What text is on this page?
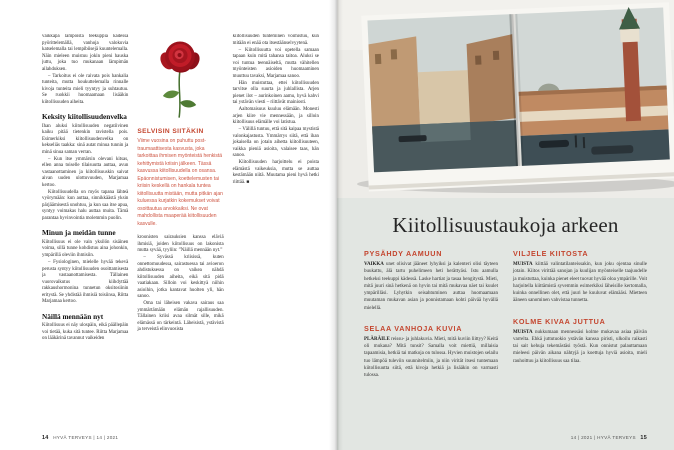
vaikkapa lämpöistä teekuppia kädessä pyörittelemällä, vanhoja valokuvia katselemalla tai lempibiisejä kuuntelemalla. Näin mieleen muistuu jokin pieni hauska juttu, joka tuo mukanaan lämpimän ailahduksen.

– Tarkoitus ei ole raivata pois hankalia tunteita, mutta houkuttelemalla rinnalle kivoja tunteita mieli tyyntyy ja suhtautuu. Se ruokkii huomaamaan lisääkin kiitollisuuden aiheita.

Keksity kiitollisuudenvelka

Ihan aluksi kiitollisuuden negatiivinen kaiku pitää tietenkin ravistella pois. Esimerkiksi kiitollisuudenvelka on kekseliäs taakka: sinä autat minua tunnin ja minä sinua saman verran.

– Kun itse ymmärsin olevani kitsas, ellen anna toiselle tilaisuutta auttaa, avun vastaanottaminen ja kiitollisuuskin saivat aivan uuden ulottuvuuden, Marjamaa kertoo.

Kiitollisuudella on myös tapana lähteä vyörymään: kun auttaa, sinnikkäästä yksin pärjäämisestä unohtuu, ja kun saa itse apua, syntyy voimakas halu auttaa muita. Tämä parantaa hyvinvointia molemmin puolin.

Minun ja meidän tunne

Kiitollisuus ei ole vain yksilön sisäinen voima, sillä tunne kohdistuu aina johonkin, ympärillä oleviin ihmisiin.

– Fysiologinen, mielelle hyvää tekevä perusta syntyy kiitollisuuden osoittamisesta ja vastaanottamisesta. Tällainen vuorovaikutus kiihdyttää rakkaushormonina tunnetun oksitosiinin eritystä. Se yhdistää ihmisiä toisiinsa, Riitta Marjamaa kertoo.

Näillä mennään nyt

Kiitollisuus ei näy ulospäin, eikä päällepäin voi tietää, kuka sitä tuntee. Riitta Marjamaa on lääkärinä tavannut vaikeiden

SELVISIN SIITÄKIN
Viime vuosina on puhuttu post-traumaattisesta kasvusta, joka tarkoittaa ihmisen myönteistä henkistä kehittymistä kriisin jälkeen. Tässä kasvussa kiitollisuudella on osansa. Epäonnistumisen, koettelemusten tai kriisin keskellä on hankala tuntea kiitollisuutta mistään, mutta pitkän ajan kuluessa kurjatkin kokemukset voivat osoittautua arvokkaiksi. Ne ovat mahdollista maaperää kiitollisuuden kasvulle.

kroonisten sairauksien kanssa eläviä ihmisiä, joiden kiitollisuus on lakonista mutta syvää, tyyliin: ”Näillä mennään nyt.”

– Syvässä kriisissä, kuten onnettomuudessa, sairastuessa tai avioeron ahdistuksessa on vaikea nähdä kiitollisuuden aiheita, eikä sitä pidä vaatiakaan. Silloin voi keskittyä niihin asioihin, jotka kantavat huolten yli, hän sanoo.

Oma tai läheisen vakava sairaus saa ymmärtämään elämän rajallisuuden. Tällainen kriisi avaa silmät sille, mikä elämässä on tärkeintä. Läheisistä, ystävistä ja terveistä elinvuosista

kiitollisuuden tunteminen voimistuu, kun mitään ei enää ota itsestäänselvyytenä.

– Kiitollisuutta voi opetella samaan tapaan kuin mitä tahansa taitoa. Aluksi se voi tuntua teennäiseltä, mutta vähitellen myönteisten asioiden huomaaminen muuttuu tavaksi, Marjamaa sanoo.

Hän muistuttaa, ettei kiitollisuuden tarvitse olla suurta ja juhlallista. Arjen pienet ilot – aurinkoinen aamu, hyvä kahvi tai ystävän viesti – riittävät mainiosti.

Aaltomaisuus kuuluu elämään. Monesti arjen kiire vie mennessään, ja silloin kiitollisuus elämälle voi latistua.

– Välillä tuntuu, että sitä kaipaa mystistä valonkajastusta. Ymmärrys siitä, että ihan jokaisella on jotain aihetta kiitollisuuteen, vaikka pieniä asioita, valaisee taas, hän sanoo.

Kiitollisuuden harjoittelu ei poista elämästä vaikeuksia, mutta se auttaa kestämään niitä. Muutama pieni hyvä hetki riittää. ■

14 HYVÄ TERVEYS | 14 | 2021
Kiitollisuustaukoja arkeen
PYSÄHDY AAMUUN

VAIKKA unet olisivat jääneet lyhyiksi ja kalenteri olisi täyteen buukattu, älä tartu puhelimeen heti herättyäsi. Istu aamulla hetkeksi teekuppi kädessä. Laske hartiat ja tasaa hengitystä. Mieti, mitä juuri sinä hetkenä on hyvin tai mitä mukavaa näet tai kuulet ympärilläsi. Lyhytkin seisahtuminen auttaa huomaamaan muutaman mukavan asian ja ponnistamaan kohti päivää hyvällä mielellä.

SELAA VANHOJA KUVIA

PLÄRÄILE reissu- ja juhlakuvia. Mieti, mitä kuviin liittyy? Keitä oli mukana? Mitä tunsit? Samalla voit miettiä, millaisia tapaamisia, hetkiä tai matkoja on tulossa. Hyvien muistojen selailu tuo lämpöä tuleviin suunnitelmiin, ja niin virität itsesi tuntemaan kiitollisuutta siitä, että kivoja hetkiä ja lisääkin on varmasti tulossa.

VILJELE KIITOSTA

MUISTA kiittää valintatilanteissakin, kun joku ojentaa sinulle jotain. Kiitos virittää sanojan ja kuulijan myönteiselle taajuudelle ja muistuttaa, kuinka pienet eleet tuovat hyvää oloa ympärille. Voit harjoitella kiittämistä syvemmin esimerkiksi läheisille kertomalla, kuinka onnellinen olet, että juuri he kuuluvat elämääsi. Mietteen ääneen sanominen vahvistaa tunnetta.

KOLME KIVAA JUTTUA

MUISTA nukkumaan mennessäsi kolme mukavaa asiaa päivän varrelta. Ehkä juttutuokio ystävän kanssa piristi, ulkoilu raikasti tai sait kehuja tekemästäsi työstä. Kun onnistut palauttamaan mieleesi päivän aikana nähtyjä ja koettuja hyviä asioita, mieli rauhoittuu ja kiitollisuus saa tilaa.

14 | 2021 | HYVÄ TERVEYS 15
